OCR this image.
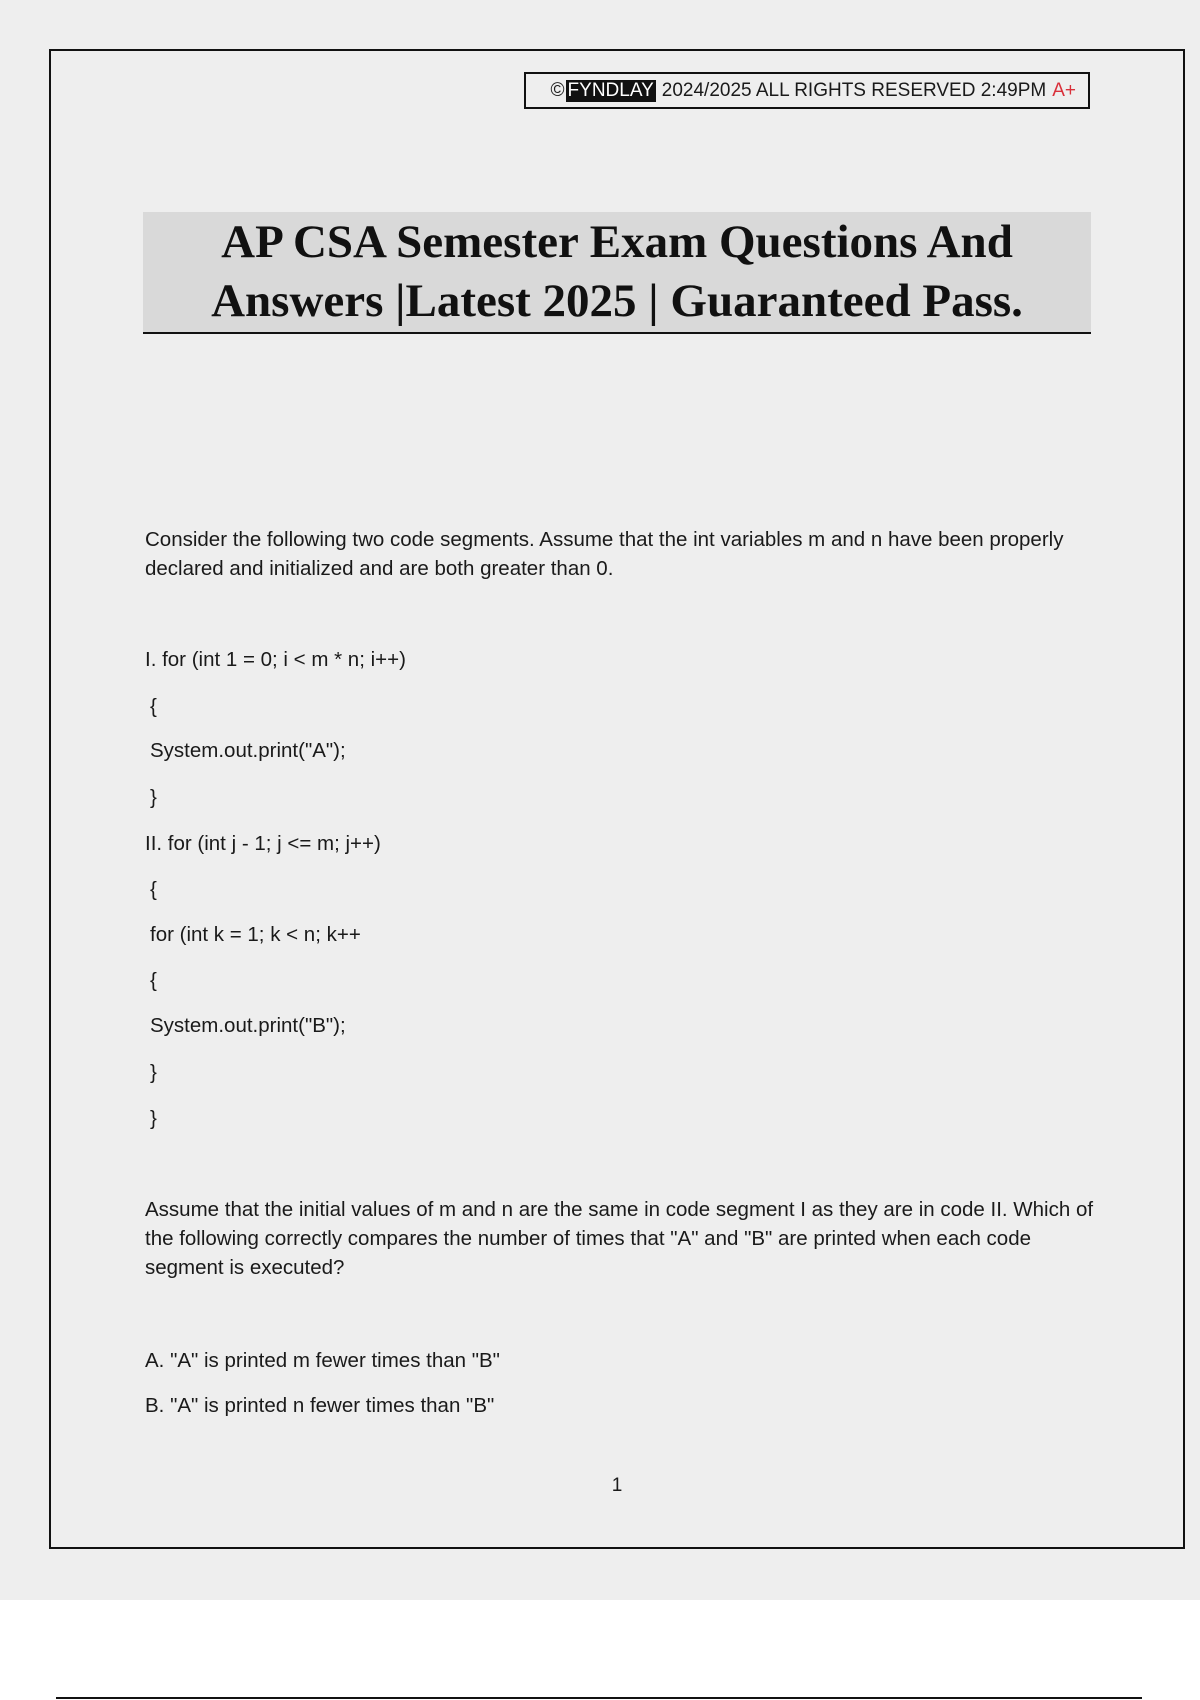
© FYNDLAY 2024/2025 ALL RIGHTS RESERVED 2:49PM A+
AP CSA Semester Exam Questions And
Answers |Latest 2025 | Guaranteed Pass.
Consider the following two code segments. Assume that the int variables m and n have been properly declared and initialized and are both greater than 0.
I. for (int 1 = 0; i < m * n; i++)
{
System.out.print("A");
}
II. for (int j - 1; j <= m; j++)
{
for (int k = 1; k < n; k++
{
System.out.print("B");
}
}
Assume that the initial values of m and n are the same in code segment I as they are in code II. Which of the following correctly compares the number of times that "A" and "B" are printed when each code segment is executed?
A. "A" is printed m fewer times than "B"
B. "A" is printed n fewer times than "B"
1
